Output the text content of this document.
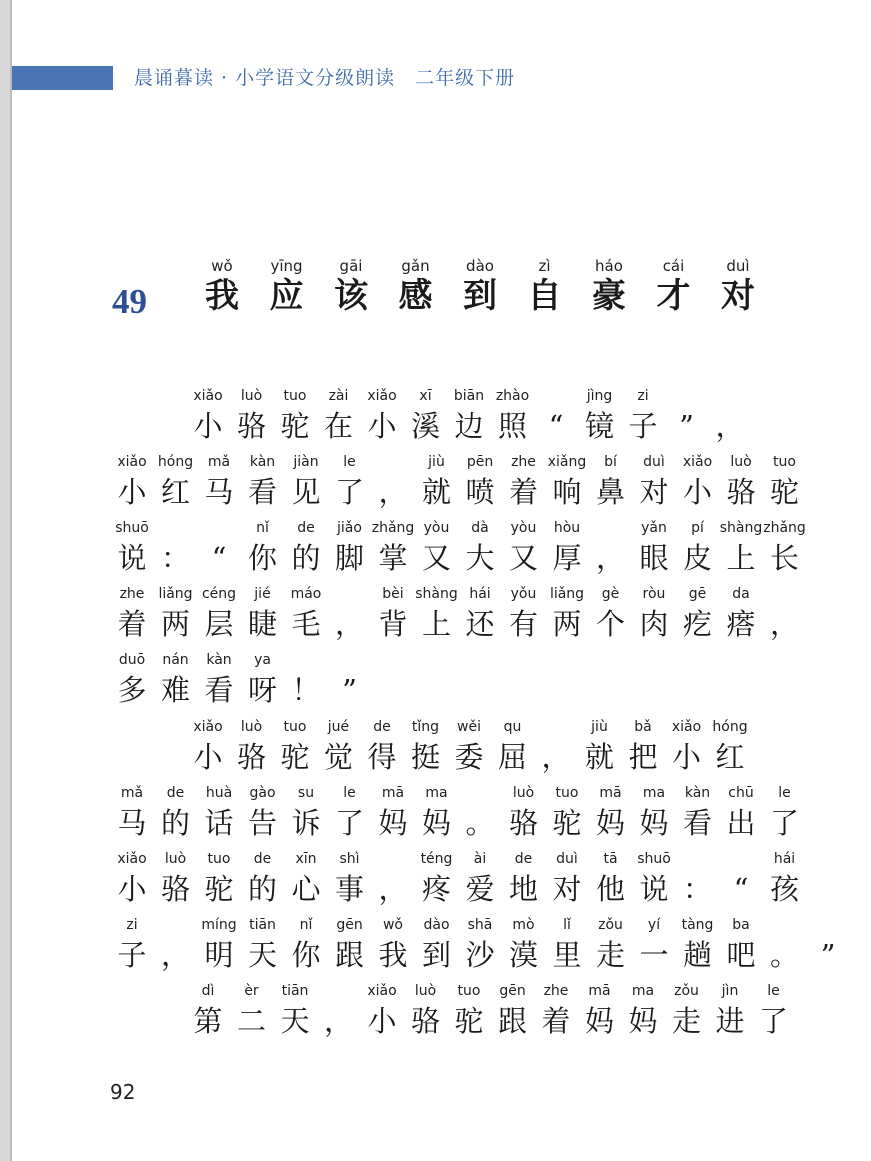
晨诵暮读 · 小学语文分级朗读　二年级下册
49
wǒ
我
yīng
应
gāi
该
gǎn
感
dào
到
zì
自
háo
豪
cái
才
duì
对
xiǎo
小
luò
骆
tuo
驼
zài
在
xiǎo
小
xī
溪
biān
边
zhào
照 “
jìng
镜
zi
子 ” ，
xiǎo
小
hóng
红
mǎ
马
kàn
看
jiàn
见
le
了 ，
jiù
就
pēn
喷
zhe
着
xiǎng
响
bí
鼻
duì
对
xiǎo
小
luò
骆
tuo
驼
shuō
说 ： “
nǐ
你
de
的
jiǎo
脚
zhǎng
掌
yòu
又
dà
大
yòu
又
hòu
厚 ，
yǎn
眼
pí
皮
shàng
上
zhǎng
长
zhe
着
liǎng
两
céng
层
jié
睫
máo
毛 ，
bèi
背
shàng
上
hái
还
yǒu
有
liǎng
两
gè
个
ròu
肉
gē
疙
da
瘩 ，
duō
多
nán
难
kàn
看
ya
呀 ！ ”
xiǎo
小
luò
骆
tuo
驼
jué
觉
de
得
tǐng
挺
wěi
委
qu
屈 ，
jiù
就
bǎ
把
xiǎo
小
hóng
红
mǎ
马
de
的
huà
话
gào
告
su
诉
le
了
mā
妈
ma
妈 。
luò
骆
tuo
驼
mā
妈
ma
妈
kàn
看
chū
出
le
了
xiǎo
小
luò
骆
tuo
驼
de
的
xīn
心
shì
事 ，
téng
疼
ài
爱
de
地
duì
对
tā
他
shuō
说 ： “
hái
孩
zi
子 ，
míng
明
tiān
天
nǐ
你
gēn
跟
wǒ
我
dào
到
shā
沙
mò
漠
lǐ
里
zǒu
走
yí
一
tàng
趟
ba
吧 。 ”
dì
第
èr
二
tiān
天 ，
xiǎo
小
luò
骆
tuo
驼
gēn
跟
zhe
着
mā
妈
ma
妈
zǒu
走
jìn
进
le
了
92
